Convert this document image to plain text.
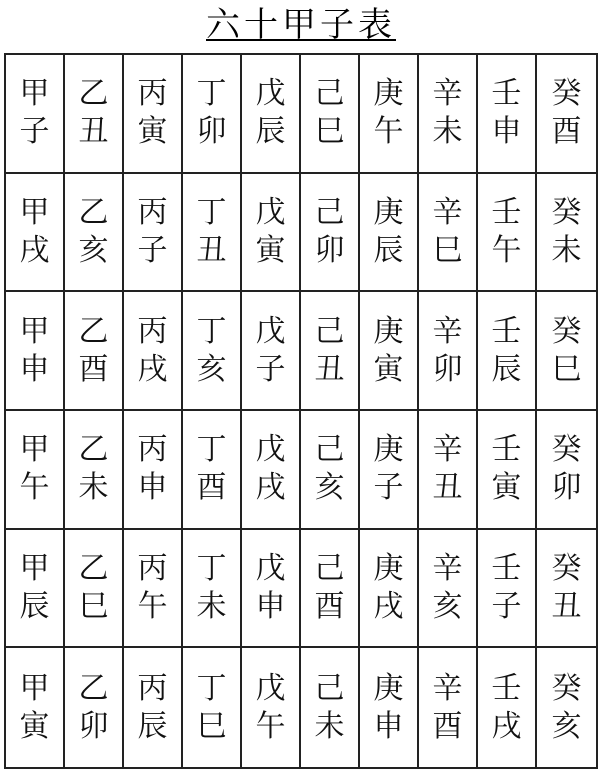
六十甲子表
甲
子
乙
丑
丙
寅
丁
卯
戊
辰
己
巳
庚
午
辛
未
壬
申
癸
酉
甲
戌
乙
亥
丙
子
丁
丑
戊
寅
己
卯
庚
辰
辛
巳
壬
午
癸
未
甲
申
乙
酉
丙
戌
丁
亥
戊
子
己
丑
庚
寅
辛
卯
壬
辰
癸
巳
甲
午
乙
未
丙
申
丁
酉
戊
戌
己
亥
庚
子
辛
丑
壬
寅
癸
卯
甲
辰
乙
巳
丙
午
丁
未
戊
申
己
酉
庚
戌
辛
亥
壬
子
癸
丑
甲
寅
乙
卯
丙
辰
丁
巳
戊
午
己
未
庚
申
辛
酉
壬
戌
癸
亥
